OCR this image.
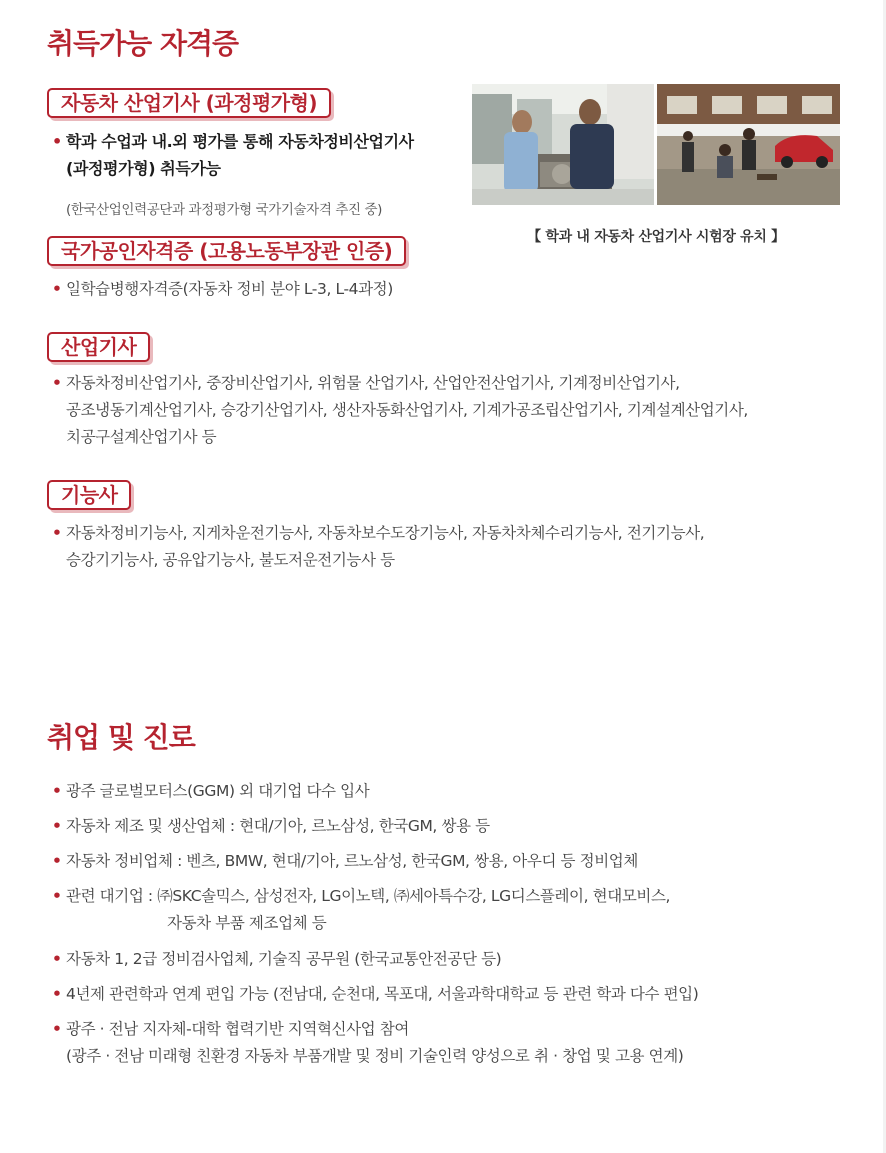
취득가능 자격증
자동차 산업기사 (과정평가형)

• 학과 수업과 내.외 평가를 통해 자동차정비산업기사

(과정평가형) 취득가능

(한국산업인력공단과 과정평가형 국가기술자격 추진 중)

【 학과 내 자동차 산업기사 시험장 유치 】

국가공인자격증 (고용노동부장관 인증)

• 일학습병행자격증(자동차 정비 분야 L-3, L-4과정)

산업기사

• 자동차정비산업기사, 중장비산업기사, 위험물 산업기사, 산업안전산업기사, 기계정비산업기사,

공조냉동기계산업기사, 승강기산업기사, 생산자동화산업기사, 기계가공조립산업기사, 기계설계산업기사,

치공구설계산업기사 등

기능사

• 자동차정비기능사, 지게차운전기능사, 자동차보수도장기능사, 자동차차체수리기능사, 전기기능사,

승강기기능사, 공유압기능사, 불도저운전기능사 등

취업 및 진로

• 광주 글로벌모터스(GGM) 외 대기업 다수 입사

• 자동차 제조 및 생산업체 : 현대/기아, 르노삼성, 한국GM, 쌍용 등

• 자동차 정비업체 : 벤츠, BMW, 현대/기아, 르노삼성, 한국GM, 쌍용, 아우디 등 정비업체

• 관련 대기업 : ㈜SKC솔믹스, 삼성전자, LG이노텍, ㈜세아특수강, LG디스플레이, 현대모비스,

자동차 부품 제조업체 등

• 자동차 1, 2급 정비검사업체, 기술직 공무원 (한국교통안전공단 등)

• 4년제 관련학과 연계 편입 가능 (전남대, 순천대, 목포대, 서울과학대학교 등 관련 학과 다수 편입)

• 광주 · 전남 지자체-대학 협력기반 지역혁신사업 참여

(광주 · 전남 미래형 친환경 자동차 부품개발 및 정비 기술인력 양성으로 취 · 창업 및 고용 연계)
